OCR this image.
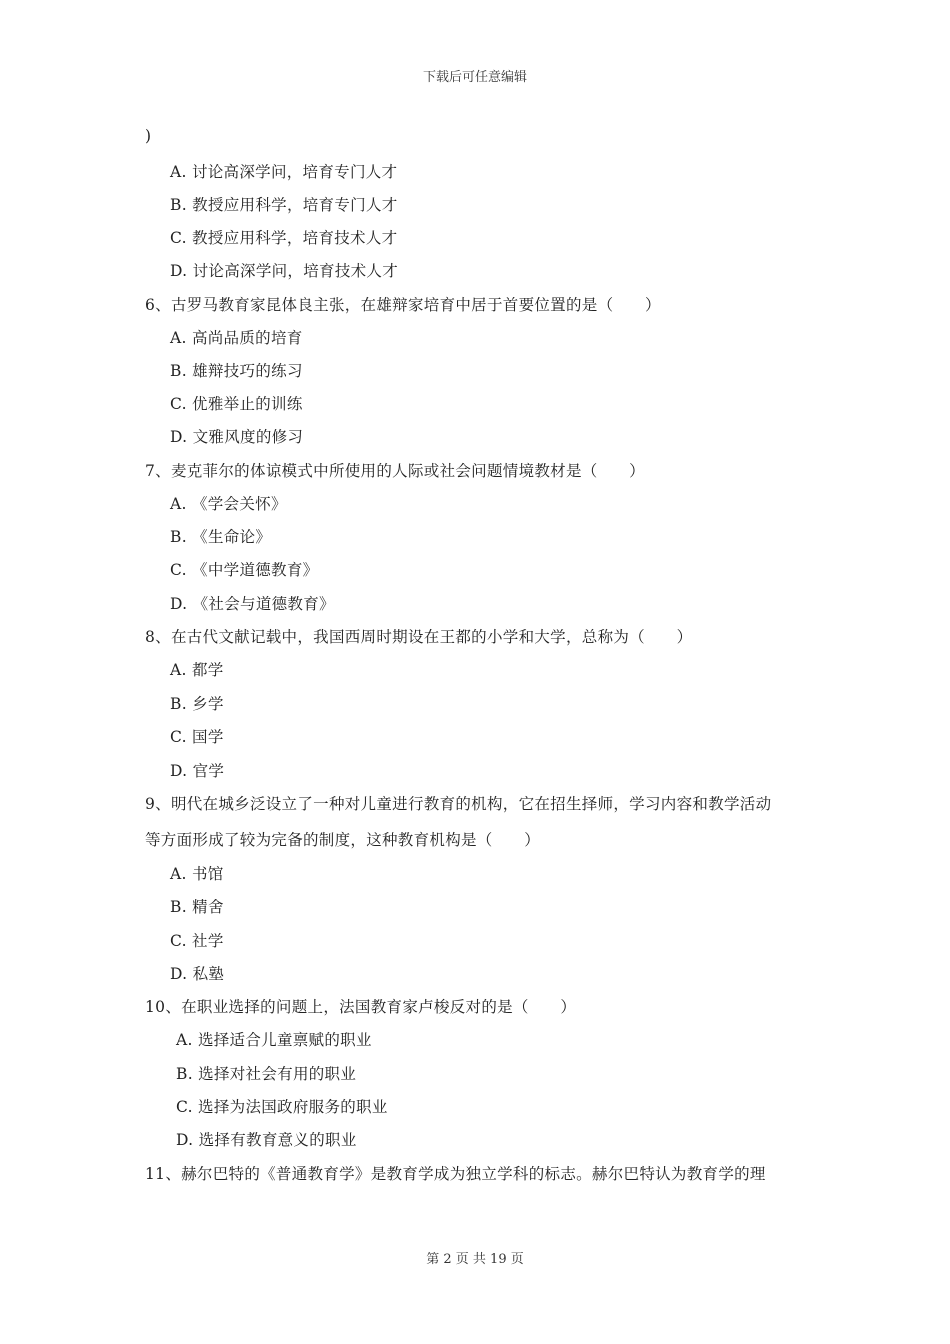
下载后可任意编辑
)
A. 讨论高深学问，培育专门人才
B. 教授应用科学，培育专门人才
C. 教授应用科学，培育技术人才
D. 讨论高深学问，培育技术人才
6、古罗马教育家昆体良主张，在雄辩家培育中居于首要位置的是（　　）
A. 高尚品质的培育
B. 雄辩技巧的练习
C. 优雅举止的训练
D. 文雅风度的修习
7、麦克菲尔的体谅模式中所使用的人际或社会问题情境教材是（　　）
A. 《学会关怀》
B. 《生命论》
C. 《中学道德教育》
D. 《社会与道德教育》
8、在古代文献记载中，我国西周时期设在王都的小学和大学，总称为（　　）
A. 都学
B. 乡学
C. 国学
D. 官学
9、明代在城乡泛设立了一种对儿童进行教育的机构，它在招生择师，学习内容和教学活动
等方面形成了较为完备的制度，这种教育机构是（　　）
A. 书馆
B. 精舍
C. 社学
D. 私塾
10、在职业选择的问题上，法国教育家卢梭反对的是（　　）
A. 选择适合儿童禀赋的职业
B. 选择对社会有用的职业
C. 选择为法国政府服务的职业
D. 选择有教育意义的职业
11、赫尔巴特的《普通教育学》是教育学成为独立学科的标志。赫尔巴特认为教育学的理
第 2 页 共 19 页
